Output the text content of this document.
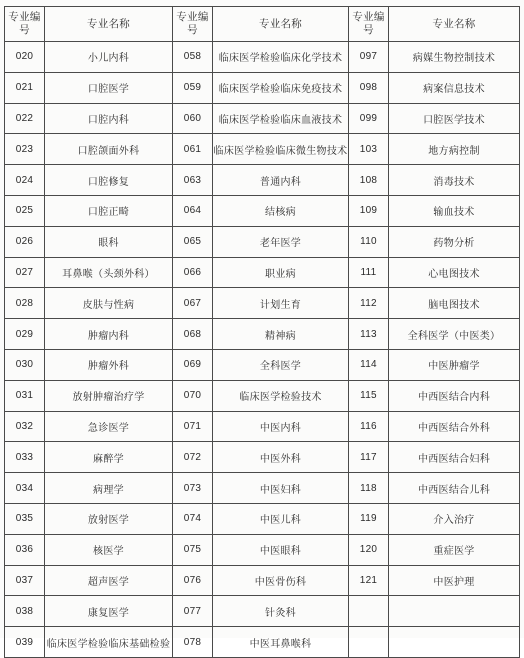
专业编号	专业名称	专业编号	专业名称	专业编号	专业名称
020	小儿内科	058	临床医学检验临床化学技术	097	病媒生物控制技术
021	口腔医学	059	临床医学检验临床免疫技术	098	病案信息技术
022	口腔内科	060	临床医学检验临床血液技术	099	口腔医学技术
023	口腔颌面外科	061	临床医学检验临床微生物技术	103	地方病控制
024	口腔修复	063	普通内科	108	消毒技术
025	口腔正畸	064	结核病	109	输血技术
026	眼科	065	老年医学	110	药物分析
027	耳鼻喉（头颈外科）	066	职业病	111	心电图技术
028	皮肤与性病	067	计划生育	112	脑电图技术
029	肿瘤内科	068	精神病	113	全科医学（中医类）
030	肿瘤外科	069	全科医学	114	中医肿瘤学
031	放射肿瘤治疗学	070	临床医学检验技术	115	中西医结合内科
032	急诊医学	071	中医内科	116	中西医结合外科
033	麻醉学	072	中医外科	117	中西医结合妇科
034	病理学	073	中医妇科	118	中西医结合儿科
035	放射医学	074	中医儿科	119	介入治疗
036	核医学	075	中医眼科	120	重症医学
037	超声医学	076	中医骨伤科	121	中医护理
038	康复医学	077	针灸科		
039	临床医学检验临床基础检验	078	中医耳鼻喉科		
